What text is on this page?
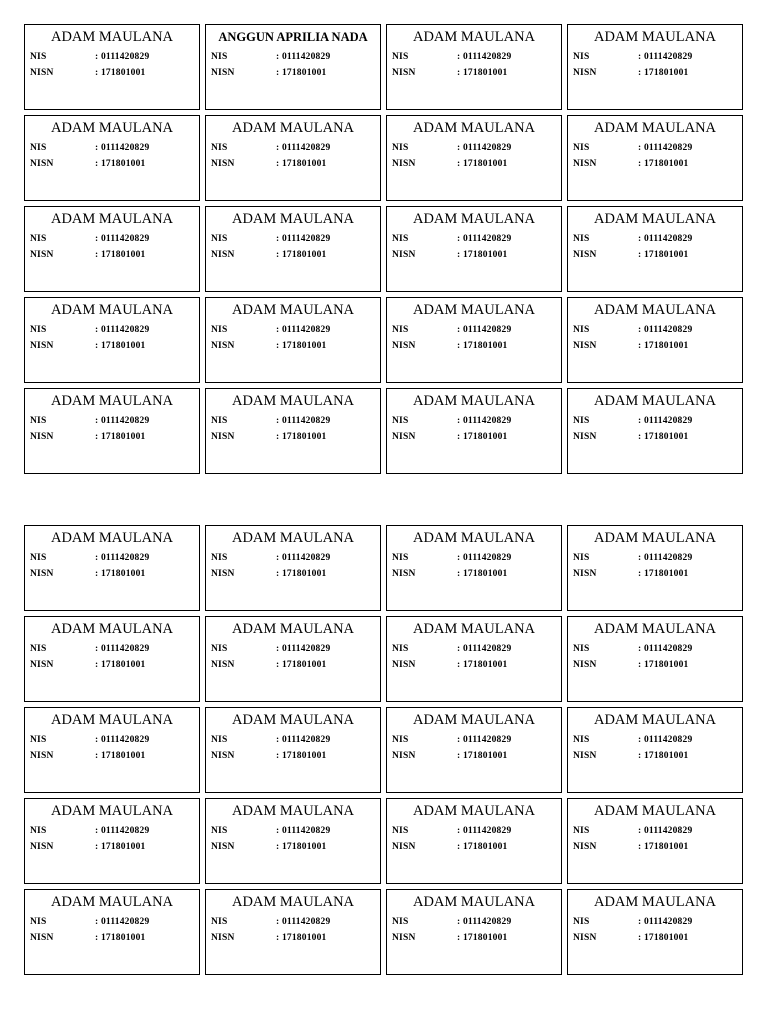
ADAM MAULANA
NIS	: 0111420829
NISN	: 171801001
ANGGUN APRILIA NADA
NIS	: 0111420829
NISN	: 171801001
ADAM MAULANA
NIS	: 0111420829
NISN	: 171801001
ADAM MAULANA
NIS	: 0111420829
NISN	: 171801001
ADAM MAULANA
NIS	: 0111420829
NISN	: 171801001
ADAM MAULANA
NIS	: 0111420829
NISN	: 171801001
ADAM MAULANA
NIS	: 0111420829
NISN	: 171801001
ADAM MAULANA
NIS	: 0111420829
NISN	: 171801001
ADAM MAULANA
NIS	: 0111420829
NISN	: 171801001
ADAM MAULANA
NIS	: 0111420829
NISN	: 171801001
ADAM MAULANA
NIS	: 0111420829
NISN	: 171801001
ADAM MAULANA
NIS	: 0111420829
NISN	: 171801001
ADAM MAULANA
NIS	: 0111420829
NISN	: 171801001
ADAM MAULANA
NIS	: 0111420829
NISN	: 171801001
ADAM MAULANA
NIS	: 0111420829
NISN	: 171801001
ADAM MAULANA
NIS	: 0111420829
NISN	: 171801001
ADAM MAULANA
NIS	: 0111420829
NISN	: 171801001
ADAM MAULANA
NIS	: 0111420829
NISN	: 171801001
ADAM MAULANA
NIS	: 0111420829
NISN	: 171801001
ADAM MAULANA
NIS	: 0111420829
NISN	: 171801001
ADAM MAULANA
NIS	: 0111420829
NISN	: 171801001
ADAM MAULANA
NIS	: 0111420829
NISN	: 171801001
ADAM MAULANA
NIS	: 0111420829
NISN	: 171801001
ADAM MAULANA
NIS	: 0111420829
NISN	: 171801001
ADAM MAULANA
NIS	: 0111420829
NISN	: 171801001
ADAM MAULANA
NIS	: 0111420829
NISN	: 171801001
ADAM MAULANA
NIS	: 0111420829
NISN	: 171801001
ADAM MAULANA
NIS	: 0111420829
NISN	: 171801001
ADAM MAULANA
NIS	: 0111420829
NISN	: 171801001
ADAM MAULANA
NIS	: 0111420829
NISN	: 171801001
ADAM MAULANA
NIS	: 0111420829
NISN	: 171801001
ADAM MAULANA
NIS	: 0111420829
NISN	: 171801001
ADAM MAULANA
NIS	: 0111420829
NISN	: 171801001
ADAM MAULANA
NIS	: 0111420829
NISN	: 171801001
ADAM MAULANA
NIS	: 0111420829
NISN	: 171801001
ADAM MAULANA
NIS	: 0111420829
NISN	: 171801001
ADAM MAULANA
NIS	: 0111420829
NISN	: 171801001
ADAM MAULANA
NIS	: 0111420829
NISN	: 171801001
ADAM MAULANA
NIS	: 0111420829
NISN	: 171801001
ADAM MAULANA
NIS	: 0111420829
NISN	: 171801001
